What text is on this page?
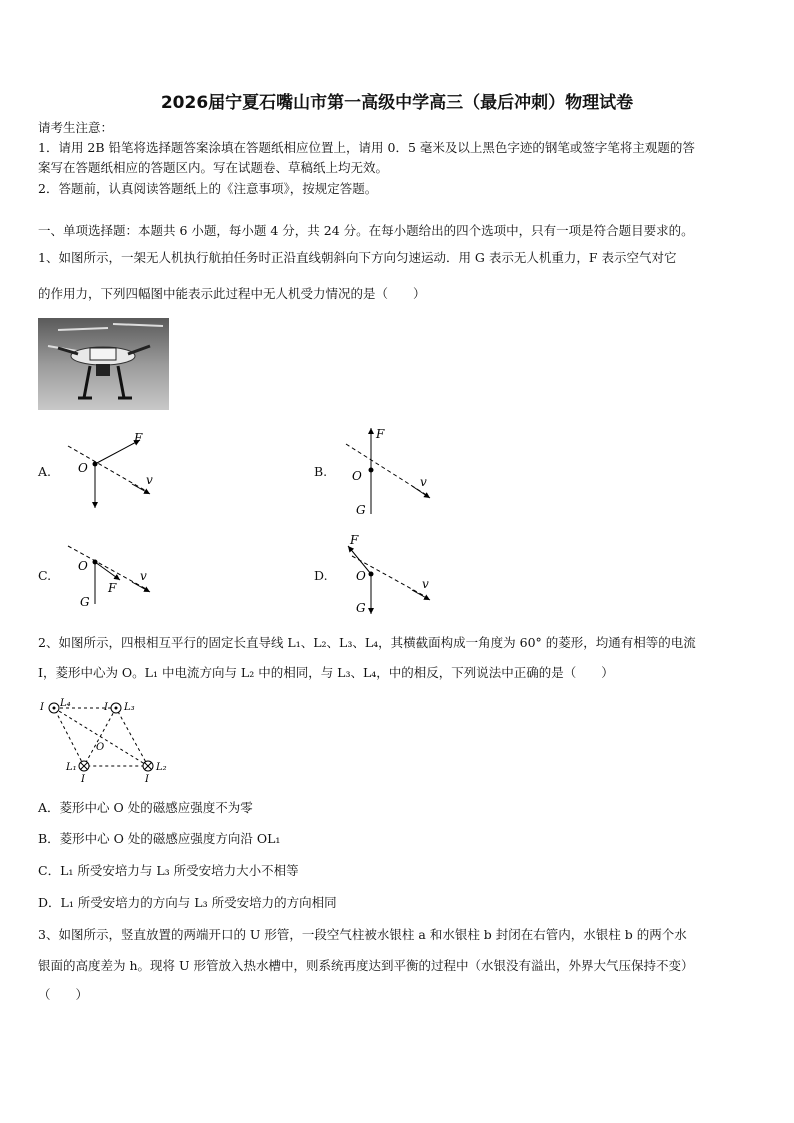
2026届宁夏石嘴山市第一高级中学高三（最后冲刺）物理试卷
请考生注意：
1．请用 2B 铅笔将选择题答案涂填在答题纸相应位置上，请用 0．5 毫米及以上黑色字迹的钢笔或签字笔将主观题的答
案写在答题纸相应的答题区内。写在试题卷、草稿纸上均无效。
2．答题前，认真阅读答题纸上的《注意事项》，按规定答题。
一、单项选择题：本题共 6 小题，每小题 4 分，共 24 分。在每小题给出的四个选项中，只有一项是符合题目要求的。
1、如图所示，一架无人机执行航拍任务时正沿直线朝斜向下方向匀速运动．用 G 表示无人机重力，F 表示空气对它
的作用力，下列四幅图中能表示此过程中无人机受力情况的是（　　）
A. O
F
v
B.
F
O	v
G
C.
O
F
v
G
D.
F
O
v
G
2、如图所示，四根相互平行的固定长直导线 L₁、L₂、L₃、L₄，其横截面构成一角度为 60° 的菱形，均通有相等的电流
I，菱形中心为 O。L₁ 中电流方向与 L₂ 中的相同，与 L₃、L₄，中的相反，下列说法中正确的是（　　）
I L₄	I L₃
O
L₁
I
L₂
I
A．菱形中心 O 处的磁感应强度不为零
B．菱形中心 O 处的磁感应强度方向沿 OL₁
C．L₁ 所受安培力与 L₃ 所受安培力大小不相等
D．L₁ 所受安培力的方向与 L₃ 所受安培力的方向相同
3、如图所示，竖直放置的两端开口的 U 形管，一段空气柱被水银柱 a 和水银柱 b 封闭在右管内，水银柱 b 的两个水
银面的高度差为 h。现将 U 形管放入热水槽中，则系统再度达到平衡的过程中（水银没有溢出，外界大气压保持不变）
（　　）
